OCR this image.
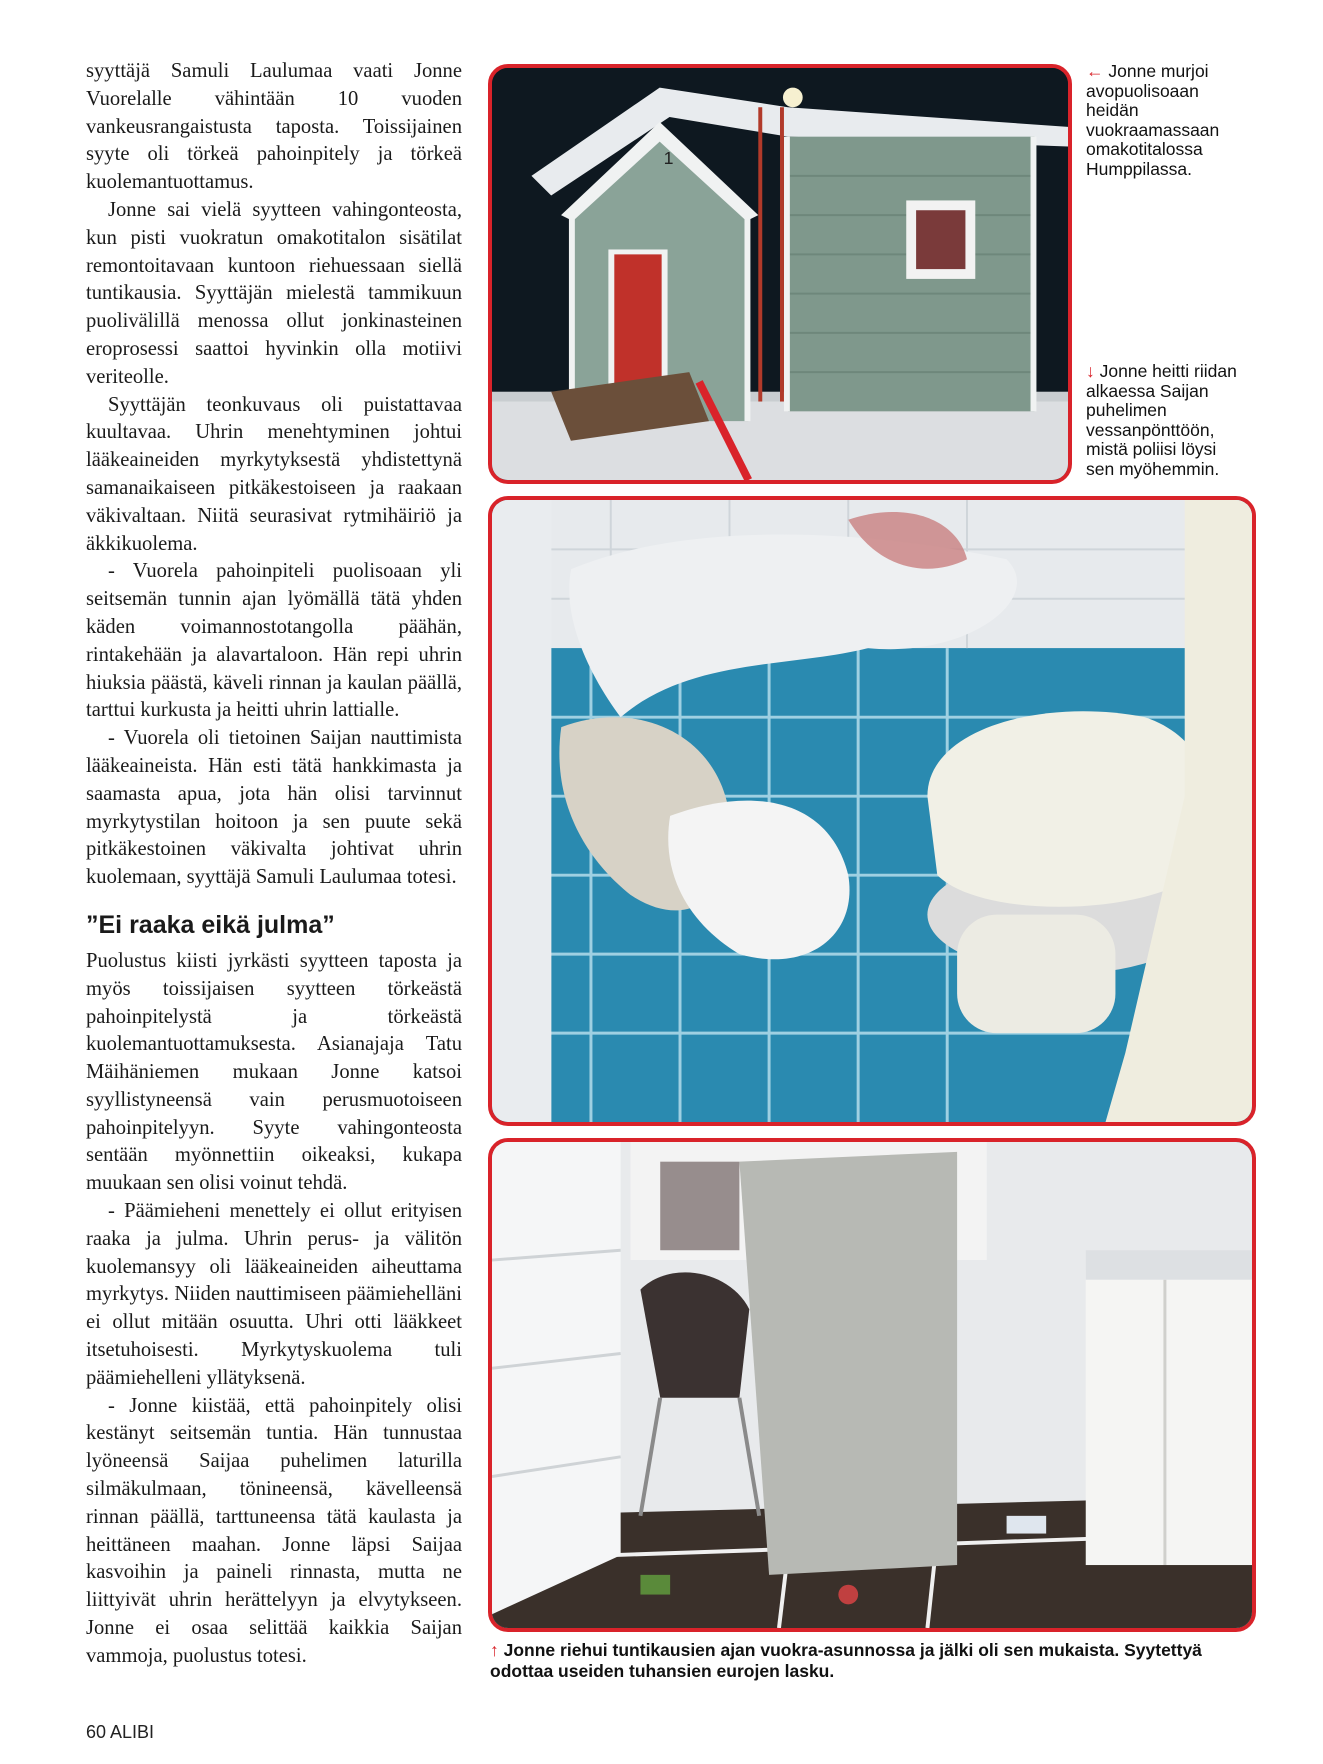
syyttäjä Samuli Laulumaa vaati Jonne Vuorelalle vähintään 10 vuoden vankeusrangaistusta taposta. Toissijainen syyte oli törkeä pahoinpitely ja törkeä kuolemantuottamus.

Jonne sai vielä syytteen vahingonteosta, kun pisti vuokratun omakotitalon sisätilat remontoitavaan kuntoon riehuessaan siellä tuntikausia. Syyttäjän mielestä tammikuun puolivälillä menossa ollut jonkinasteinen eroprosessi saattoi hyvinkin olla motiivi veriteolle.

Syyttäjän teonkuvaus oli puistattavaa kuultavaa. Uhrin menehtyminen johtui lääkeaineiden myrkytyksestä yhdistettynä samanaikaiseen pitkäkestoiseen ja raakaan väkivaltaan. Niitä seurasivat rytmihäiriö ja äkkikuolema.

- Vuorela pahoinpiteli puolisoaan yli seitsemän tunnin ajan lyömällä tätä yhden käden voimannostotangolla päähän, rintakehään ja alavartaloon. Hän repi uhrin hiuksia päästä, käveli rinnan ja kaulan päällä, tarttui kurkusta ja heitti uhrin lattialle.

- Vuorela oli tietoinen Saijan nauttimista lääkeaineista. Hän esti tätä hankkimasta ja saamasta apua, jota hän olisi tarvinnut myrkytystilan hoitoon ja sen puute sekä pitkäkestoinen väkivalta johtivat uhrin kuolemaan, syyttäjä Samuli Laulumaa totesi.

”Ei raaka eikä julma”

Puolustus kiisti jyrkästi syytteen taposta ja myös toissijaisen syytteen törkeästä pahoinpitelystä ja törkeästä kuolemantuottamuksesta. Asianajaja Tatu Mäihäniemen mukaan Jonne katsoi syyllistyneensä vain perusmuotoiseen pahoinpitelyyn. Syyte vahingonteosta sentään myönnettiin oikeaksi, kukapa muukaan sen olisi voinut tehdä.

- Päämieheni menettely ei ollut erityisen raaka ja julma. Uhrin perus- ja välitön kuolemansyy oli lääkeaineiden aiheuttama myrkytys. Niiden nauttimiseen päämiehelläni ei ollut mitään osuutta. Uhri otti lääkkeet itsetuhoisesti. Myrkytyskuolema tuli päämiehelleni yllätyksenä.

- Jonne kiistää, että pahoinpitely olisi kestänyt seitsemän tuntia. Hän tunnustaa lyöneensä Saijaa puhelimen laturilla silmäkulmaan, tönineensä, kävelleensä rinnan päällä, tarttuneensa tätä kaulasta ja heittäneen maahan. Jonne läpsi Saijaa kasvoihin ja paineli rinnasta, mutta ne liittyivät uhrin herättelyyn ja elvytykseen. Jonne ei osaa selittää kaikkia Saijan vammoja, puolustus totesi.

1
← Jonne murjoi avopuolisoaan heidän vuokraamassaan omakotitalossa Humppilassa.
↓ Jonne heitti riidan alkaessa Saijan puhelimen vessanpönttöön, mistä poliisi löysi sen myöhemmin.
↑ Jonne riehui tuntikausien ajan vuokra-asunnossa ja jälki oli sen mukaista. Syytettyä odottaa useiden tuhansien eurojen lasku.
60 ALIBI
